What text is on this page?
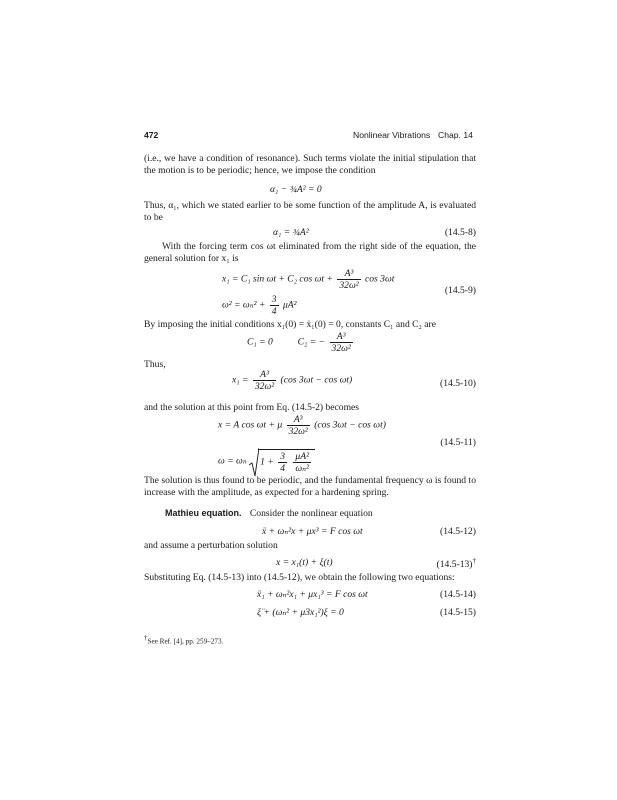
472	Nonlinear Vibrations Chap. 14

(i.e., we have a condition of resonance). Such terms violate the initial stipulation that the motion is to be periodic; hence, we impose the condition

α₁ − ¾A² = 0

Thus, α₁, which we stated earlier to be some function of the amplitude A, is evaluated to be

α₁ = ¾A²	(14.5-8)

With the forcing term cos ωt eliminated from the right side of the equation, the general solution for x₁ is

x₁ = C₁ sin ωt + C₂ $\cos \omega t + \frac{\text{A³}}{\text{32ω²}}$ cos 3ωt
$\omega^2 = \omega_n^2 + \frac{3}{4} \mu A^2$
(14.5-9)

By imposing the initial conditions x₁(0) = ẋ₁(0) = 0, constants C₁ and C₂ are

C₁ = 0	C₂ = − $\frac{\text{A³}}{\text{32ω²}}$
Thus,
$x_1 = \frac{\text{A³}}{\text{32ω²}} (\cos$ 3ωt − cos ωt)	(14.5-10)

and the solution at this point from Eq. (14.5-2) becomes

x = A cos ωt + μ $\frac{\text{A³}}{\text{32ω²}} (\cos$ 3ωt − cos ωt)
ω = ωₙ $1 + \frac{3}{4}$
$\frac{\text{μA²}}{\text{ωₙ²}}$
(14.5-11)

The solution is thus found to be periodic, and the fundamental frequency ω is found to increase with the amplitude, as expected for a hardening spring.

Mathieu equation. Consider the nonlinear equation
ẍ + ωₙ²x + μx³ = F cos ωt	(14.5-12)

and assume a perturbation solution

x = x₁(t) + ξ(t)	(14.5-13)†

Substituting Eq. (14.5-13) into (14.5-12), we obtain the following two equations:

ẍ₁ + ωₙ²x₁ + μx₁³ = F cos ωt	(14.5-14)
ξ̈ + (ωₙ² + μ3x₁²)ξ = 0	(14.5-15)
†See Ref. [4], pp. 259–273.
